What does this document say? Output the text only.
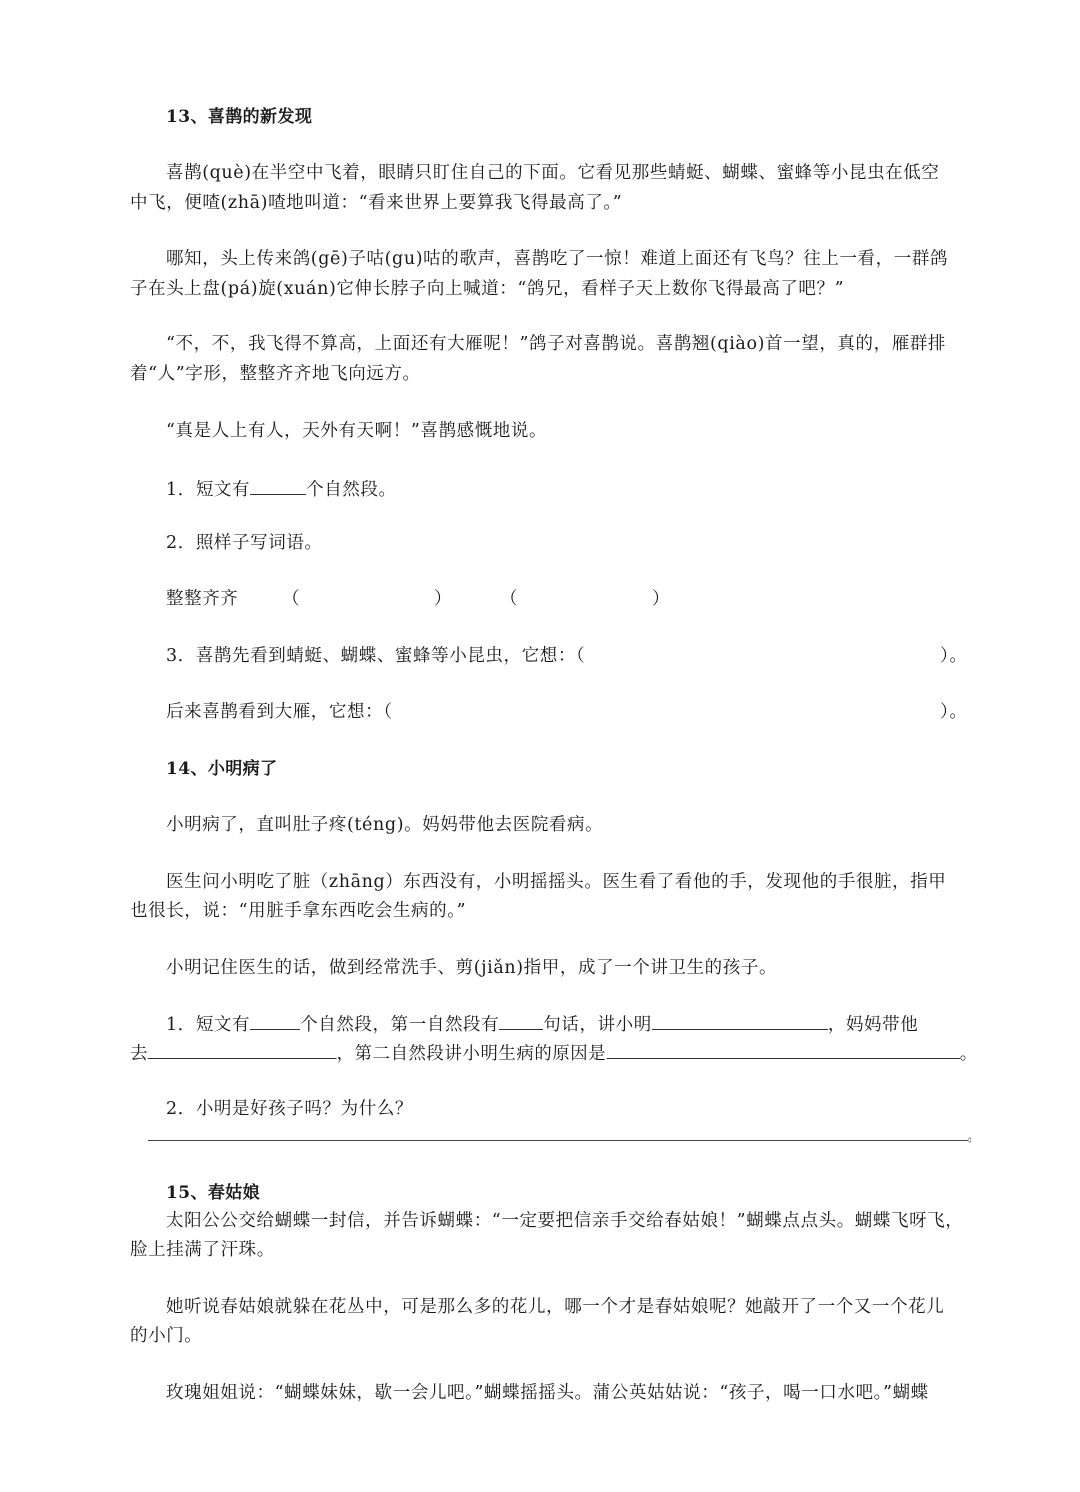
13、喜鹊的新发现
喜鹊(què)在半空中飞着，眼睛只盯住自己的下面。它看见那些蜻蜓、蝴蝶、蜜蜂等小昆虫在低空
中飞，便喳(zhā)喳地叫道：“看来世界上要算我飞得最高了。”
哪知，头上传来鸽(gē)子咕(gu)咕的歌声，喜鹊吃了一惊！难道上面还有飞鸟？往上一看，一群鸽
子在头上盘(pá)旋(xuán)它伸长脖子向上喊道：“鸽兄，看样子天上数你飞得最高了吧？”
“不，不，我飞得不算高，上面还有大雁呢！”鸽子对喜鹊说。喜鹊翘(qiào)首一望，真的，雁群排
着“人”字形，整整齐齐地飞向远方。
“真是人上有人，天外有天啊！”喜鹊感慨地说。
1．短文有	个自然段。
2．照样子写词语。
整整齐齐 （	）	（	）
3．喜鹊先看到蜻蜓、蝴蝶、蜜蜂等小昆虫，它想：（	）。
后来喜鹊看到大雁，它想：（	）。
14、小明病了
小明病了，直叫肚子疼(téng)。妈妈带他去医院看病。
医生问小明吃了脏（zhāng）东西没有，小明摇摇头。医生看了看他的手，发现他的手很脏，指甲
也很长，说：“用脏手拿东西吃会生病的。”
小明记住医生的话，做到经常洗手、剪(jiǎn)指甲，成了一个讲卫生的孩子。
1．短文有	个自然段，第一自然段有	句话，讲小明	，妈妈带他
去	，第二自然段讲小明生病的原因是	。
2．小明是好孩子吗？为什么？
。
15、春姑娘
太阳公公交给蝴蝶一封信，并告诉蝴蝶：“一定要把信亲手交给春姑娘！”蝴蝶点点头。蝴蝶飞呀飞，
脸上挂满了汗珠。
她听说春姑娘就躲在花丛中，可是那么多的花儿，哪一个才是春姑娘呢？她敲开了一个又一个花儿
的小门。
玫瑰姐姐说：“蝴蝶妹妹，歇一会儿吧。”蝴蝶摇摇头。蒲公英姑姑说：“孩子，喝一口水吧。”蝴蝶
